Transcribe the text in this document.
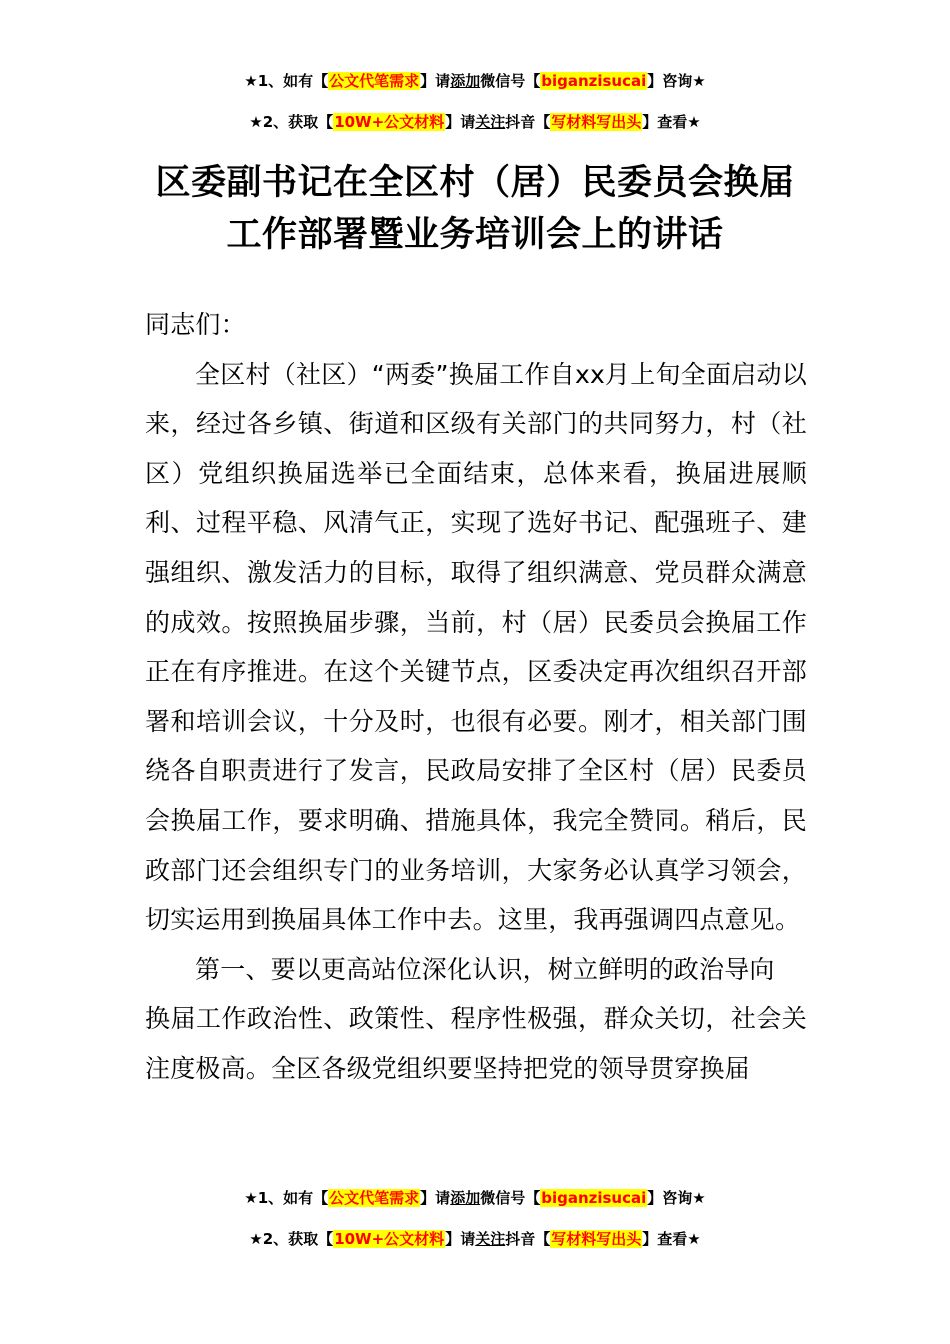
★1、如有【公文代笔需求】请添加微信号【biganzisucai】咨询★
★2、获取【10W+公文材料】请关注抖音【写材料写出头】查看★
区委副书记在全区村（居）民委员会换届
工作部署暨业务培训会上的讲话

同志们：

全区村（社区）“两委”换届工作自xx月上旬全面启动以来，经过各乡镇、街道和区级有关部门的共同努力，村（社区）党组织换届选举已全面结束，总体来看，换届进展顺利、过程平稳、风清气正，实现了选好书记、配强班子、建强组织、激发活力的目标，取得了组织满意、党员群众满意的成效。按照换届步骤，当前，村（居）民委员会换届工作正在有序推进。在这个关键节点，区委决定再次组织召开部署和培训会议，十分及时，也很有必要。刚才，相关部门围绕各自职责进行了发言，民政局安排了全区村（居）民委员会换届工作，要求明确、措施具体，我完全赞同。稍后，民政部门还会组织专门的业务培训，大家务必认真学习领会，切实运用到换届具体工作中去。这里，我再强调四点意见。

第一、要以更高站位深化认识，树立鲜明的政治导向

换届工作政治性、政策性、程序性极强，群众关切，社会关注度极高。全区各级党组织要坚持把党的领导贯穿换届

★1、如有【公文代笔需求】请添加微信号【biganzisucai】咨询★
★2、获取【10W+公文材料】请关注抖音【写材料写出头】查看★
